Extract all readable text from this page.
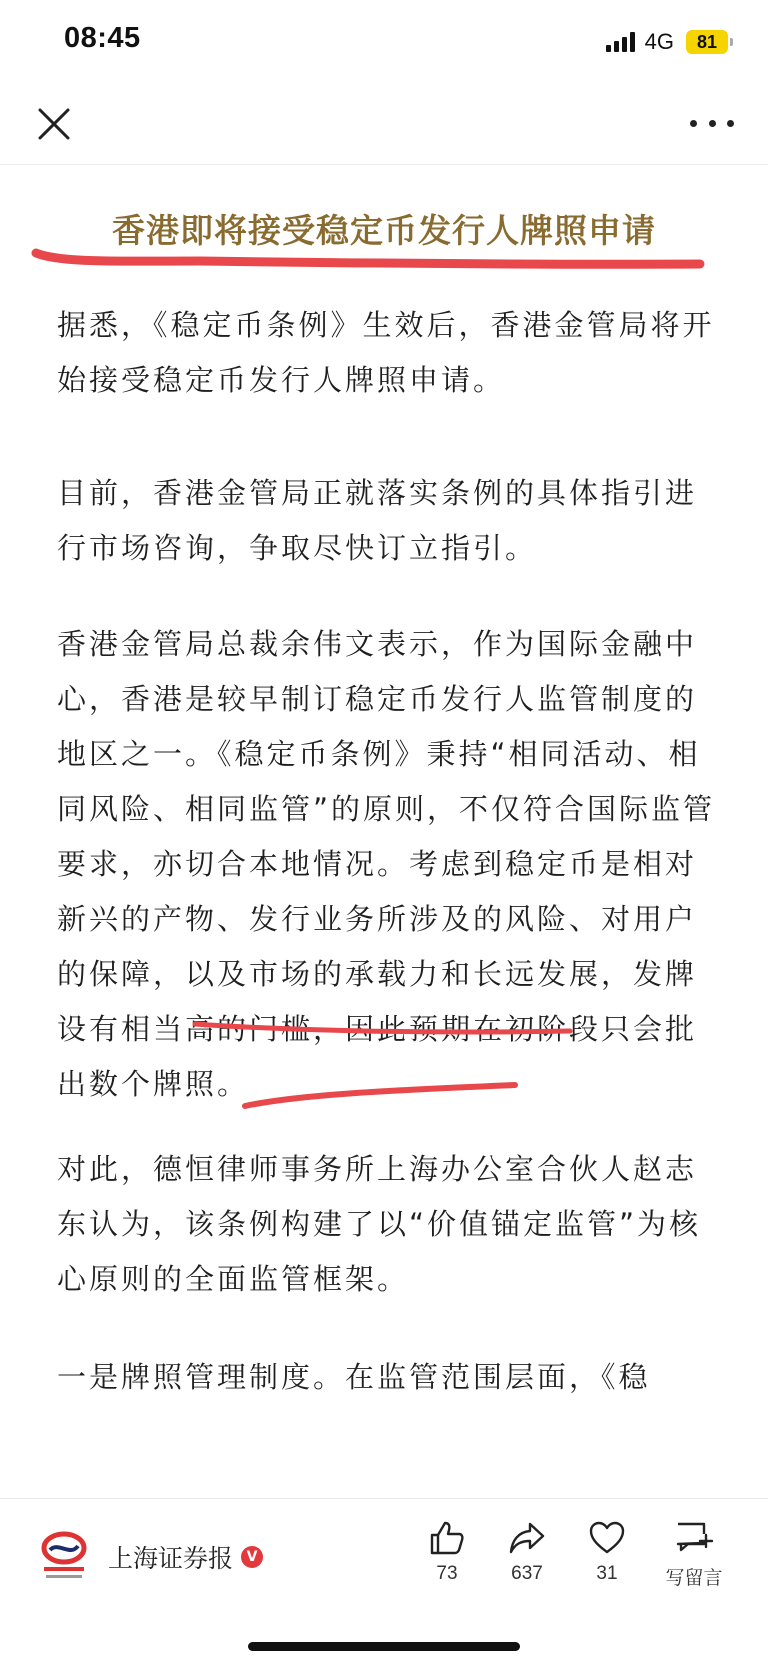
08:45	4G 81
香港即将接受稳定币发行人牌照申请

据悉，《稳定币条例》生效后，香港金管局将开始接受稳定币发行人牌照申请。

目前，香港金管局正就落实条例的具体指引进行市场咨询，争取尽快订立指引。

香港金管局总裁余伟文表示，作为国际金融中心，香港是较早制订稳定币发行人监管制度的地区之一。《稳定币条例》秉持“相同活动、相同风险、相同监管”的原则，不仅符合国际监管要求，亦切合本地情况。考虑到稳定币是相对新兴的产物、发行业务所涉及的风险、对用户的保障，以及市场的承载力和长远发展，发牌设有相当高的门槛，因此预期在初阶段只会批出数个牌照。

对此，德恒律师事务所上海办公室合伙人赵志东认为，该条例构建了以“价值锚定监管”为核心原则的全面监管框架。

一是牌照管理制度。在监管范围层面，《稳

上海证券报 V
73	637	31	写留言
